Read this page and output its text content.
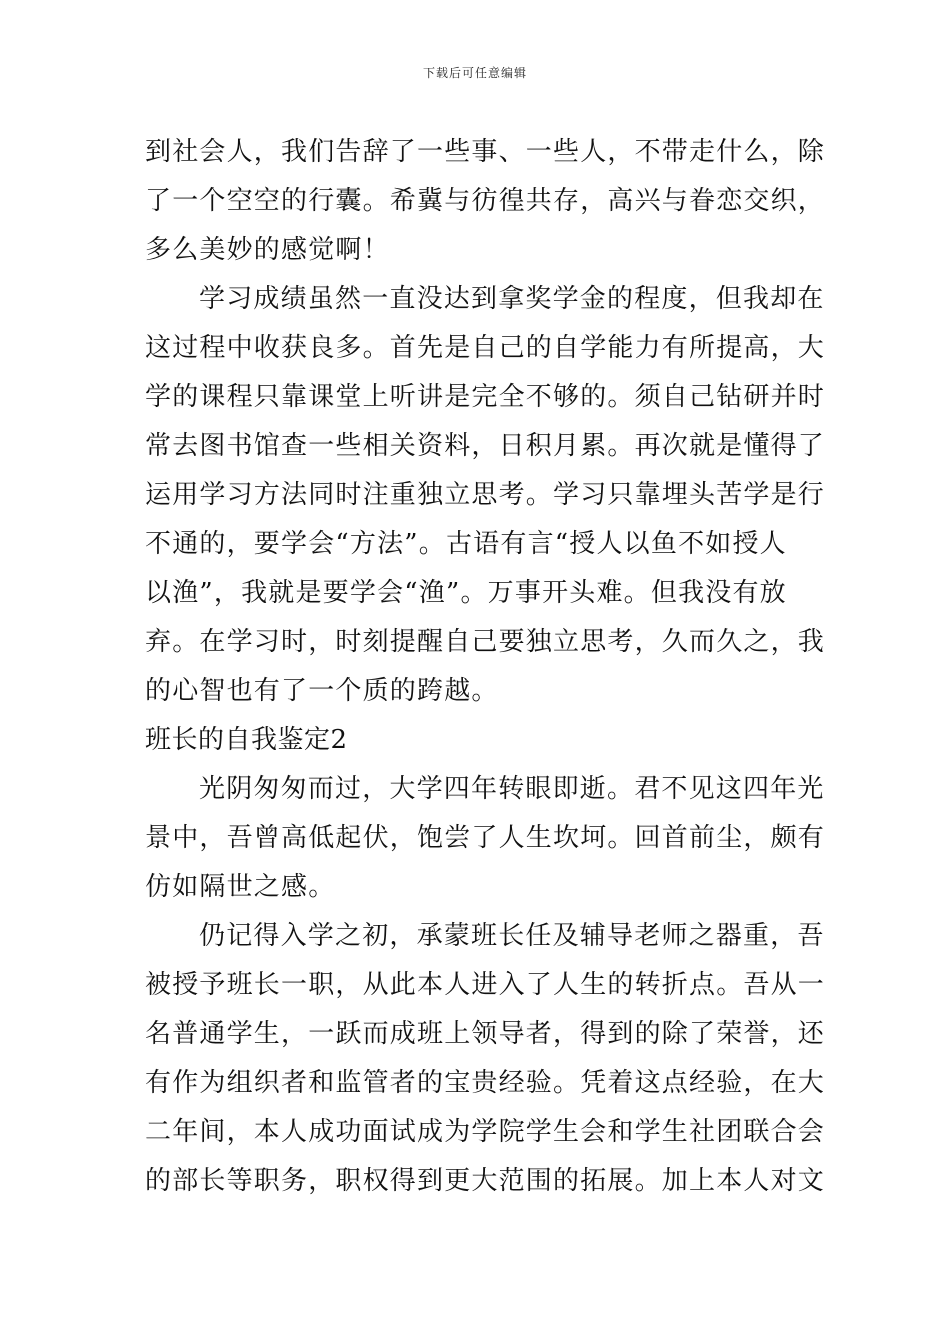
下载后可任意编辑
到社会人，我们告辞了一些事、一些人，不带走什么，除
了一个空空的行囊。希冀与彷徨共存，高兴与眷恋交织，
多么美妙的感觉啊！
学习成绩虽然一直没达到拿奖学金的程度，但我却在
这过程中收获良多。首先是自己的自学能力有所提高，大
学的课程只靠课堂上听讲是完全不够的。须自己钻研并时
常去图书馆查一些相关资料，日积月累。再次就是懂得了
运用学习方法同时注重独立思考。学习只靠埋头苦学是行
不通的，要学会“方法”。古语有言“授人以鱼不如授人
以渔”，我就是要学会“渔”。万事开头难。但我没有放
弃。在学习时，时刻提醒自己要独立思考，久而久之，我
的心智也有了一个质的跨越。
班长的自我鉴定2
光阴匆匆而过，大学四年转眼即逝。君不见这四年光
景中，吾曾高低起伏，饱尝了人生坎坷。回首前尘，颇有
仿如隔世之感。
仍记得入学之初，承蒙班长任及辅导老师之器重，吾
被授予班长一职，从此本人进入了人生的转折点。吾从一
名普通学生，一跃而成班上领导者，得到的除了荣誉，还
有作为组织者和监管者的宝贵经验。凭着这点经验，在大
二年间，本人成功面试成为学院学生会和学生社团联合会
的部长等职务，职权得到更大范围的拓展。加上本人对文
